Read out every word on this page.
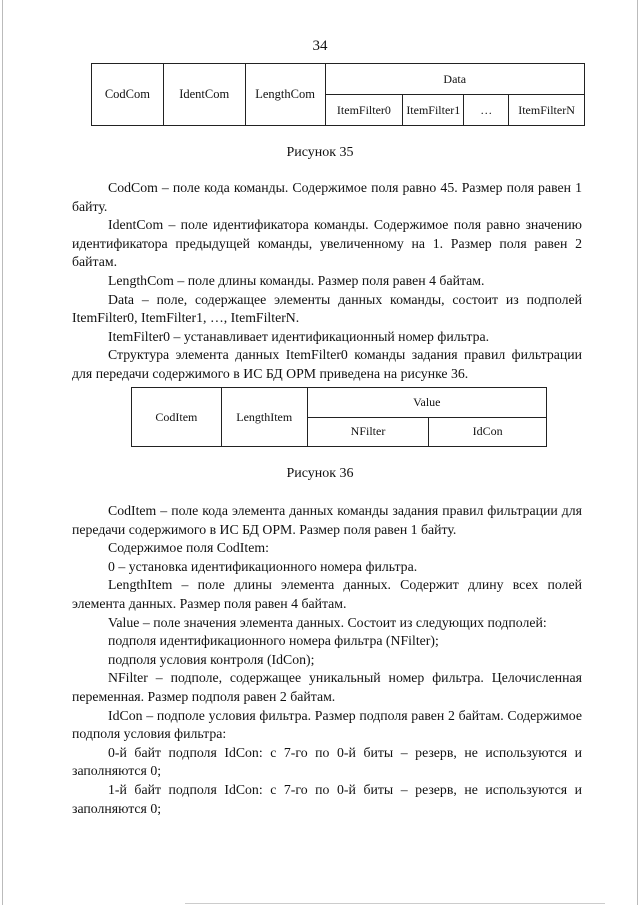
34
CodCom	IdentCom	LengthCom	Data			
			ItemFilter0	ItemFilter1	…	ItemFilterN
Рисунок 35

CodCom – поле кода команды. Содержимое поля равно 45. Размер поля равен 1 байту.

IdentCom – поле идентификатора команды. Содержимое поля равно значению идентификатора предыдущей команды, увеличенному на 1. Размер поля равен 2 байтам.

LengthCom – поле длины команды. Размер поля равен 4 байтам.

Data – поле, содержащее элементы данных команды, состоит из подполей ItemFilter0, ItemFilter1, …, ItemFilterN.

ItemFilter0 – устанавливает идентификационный номер фильтра.

Структура элемента данных ItemFilter0 команды задания правил фильтрации для передачи содержимого в ИС БД ОРМ приведена на рисунке 36.

CodItem	LengthItem	Value	
		NFilter	IdCon
Рисунок 36

CodItem – поле кода элемента данных команды задания правил фильтрации для передачи содержимого в ИС БД ОРМ. Размер поля равен 1 байту.

Содержимое поля CodItem:

0 – установка идентификационного номера фильтра.

LengthItem – поле длины элемента данных. Содержит длину всех полей элемента данных. Размер поля равен 4 байтам.

Value – поле значения элемента данных. Состоит из следующих подполей:

подполя идентификационного номера фильтра (NFilter);

подполя условия контроля (IdCon);

NFilter – подполе, содержащее уникальный номер фильтра. Целочисленная переменная. Размер подполя равен 2 байтам.

IdCon – подполе условия фильтра. Размер подполя равен 2 байтам. Содержимое подполя условия фильтра:

0-й байт подполя IdCon: с 7-го по 0-й биты – резерв, не используются и заполняются 0;

1-й байт подполя IdCon: с 7-го по 0-й биты – резерв, не используются и заполняются 0;
